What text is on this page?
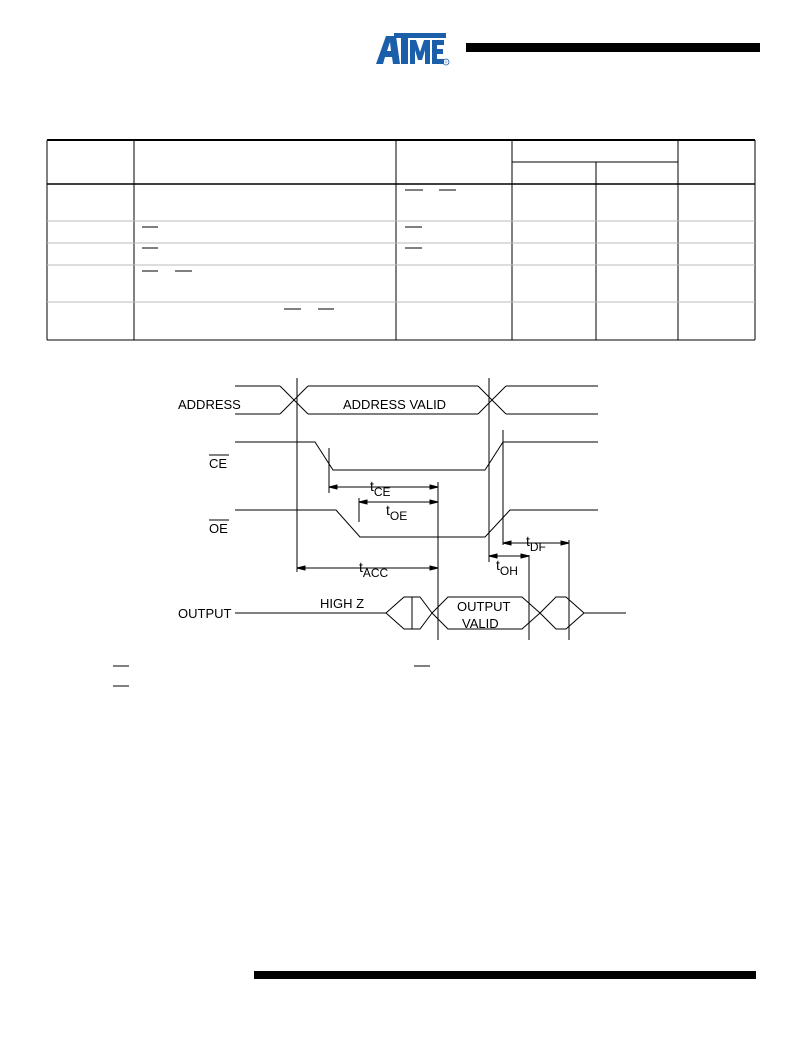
®
ADDRESS	ADDRESS VALID
CE
OE
OUTPUT
HIGH Z	OUTPUT
VALID
tCE
tOE
tACC
tDF
tOH
